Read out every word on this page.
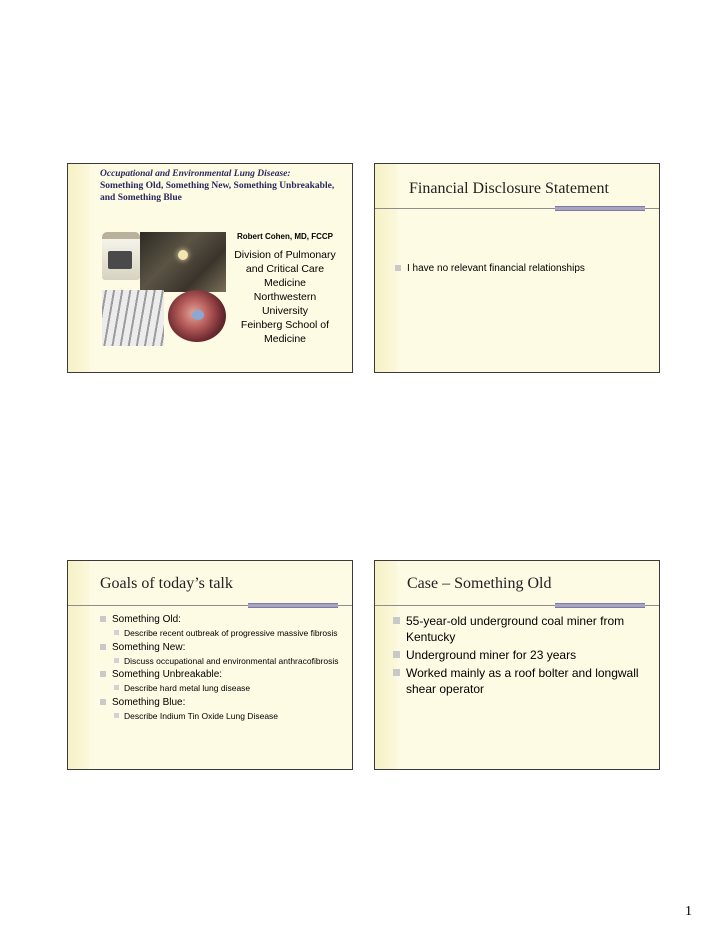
Occupational and Environmental Lung Disease:
Something Old, Something New, Something Unbreakable, and Something Blue
Robert Cohen, MD, FCCP
Division of Pulmonary
and Critical Care
Medicine
Northwestern
University
Feinberg School of
Medicine
Financial Disclosure Statement
I have no relevant financial relationships
Goals of today’s talk
Something Old:
Describe recent outbreak of progressive massive fibrosis
Something New:
Discuss occupational and environmental anthracofibrosis
Something Unbreakable:
Describe hard metal lung disease
Something Blue:
Describe Indium Tin Oxide Lung Disease
Case – Something Old
55-year-old underground coal miner from Kentucky
Underground miner for 23 years
Worked mainly as a roof bolter and longwall shear operator
1
